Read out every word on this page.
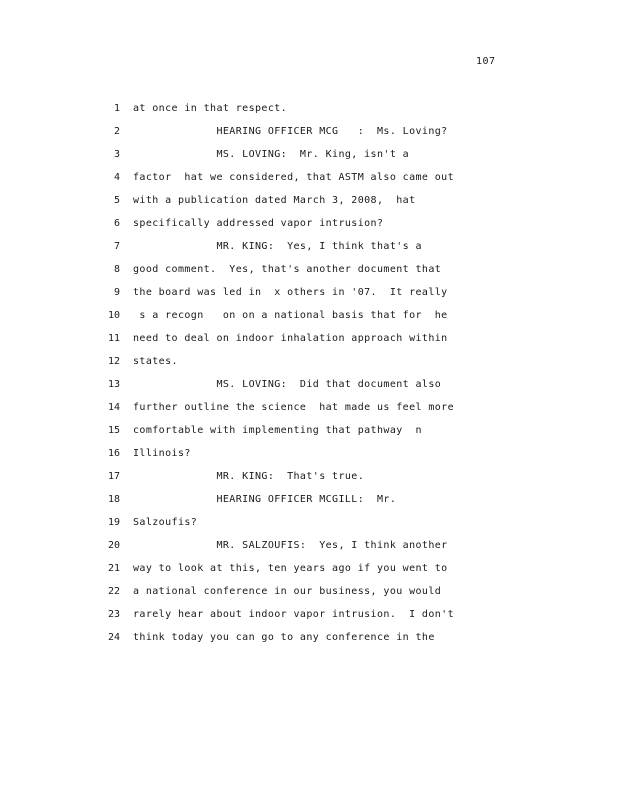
107
1 at once in that respect.
2 HEARING OFFICER MCG   :  Ms. Loving?
3 MS. LOVING:  Mr. King, isn't a
4 factor  hat we considered, that ASTM also came out
5 with a publication dated March 3, 2008,  hat
6 specifically addressed vapor intrusion?
7 MR. KING:  Yes, I think that's a
8 good comment.  Yes, that's another document that
9 the board was led in  x others in '07.  It really
10 s a recogn   on on a national basis that for  he
11 need to deal on indoor inhalation approach within
12 states.
13 MS. LOVING:  Did that document also
14 further outline the science  hat made us feel more
15 comfortable with implementing that pathway  n
16 Illinois?
17 MR. KING:  That's true.
18 HEARING OFFICER MCGILL:  Mr.
19 Salzoufis?
20 MR. SALZOUFIS:  Yes, I think another
21 way to look at this, ten years ago if you went to
22 a national conference in our business, you would
23 rarely hear about indoor vapor intrusion.  I don't
24 think today you can go to any conference in the
